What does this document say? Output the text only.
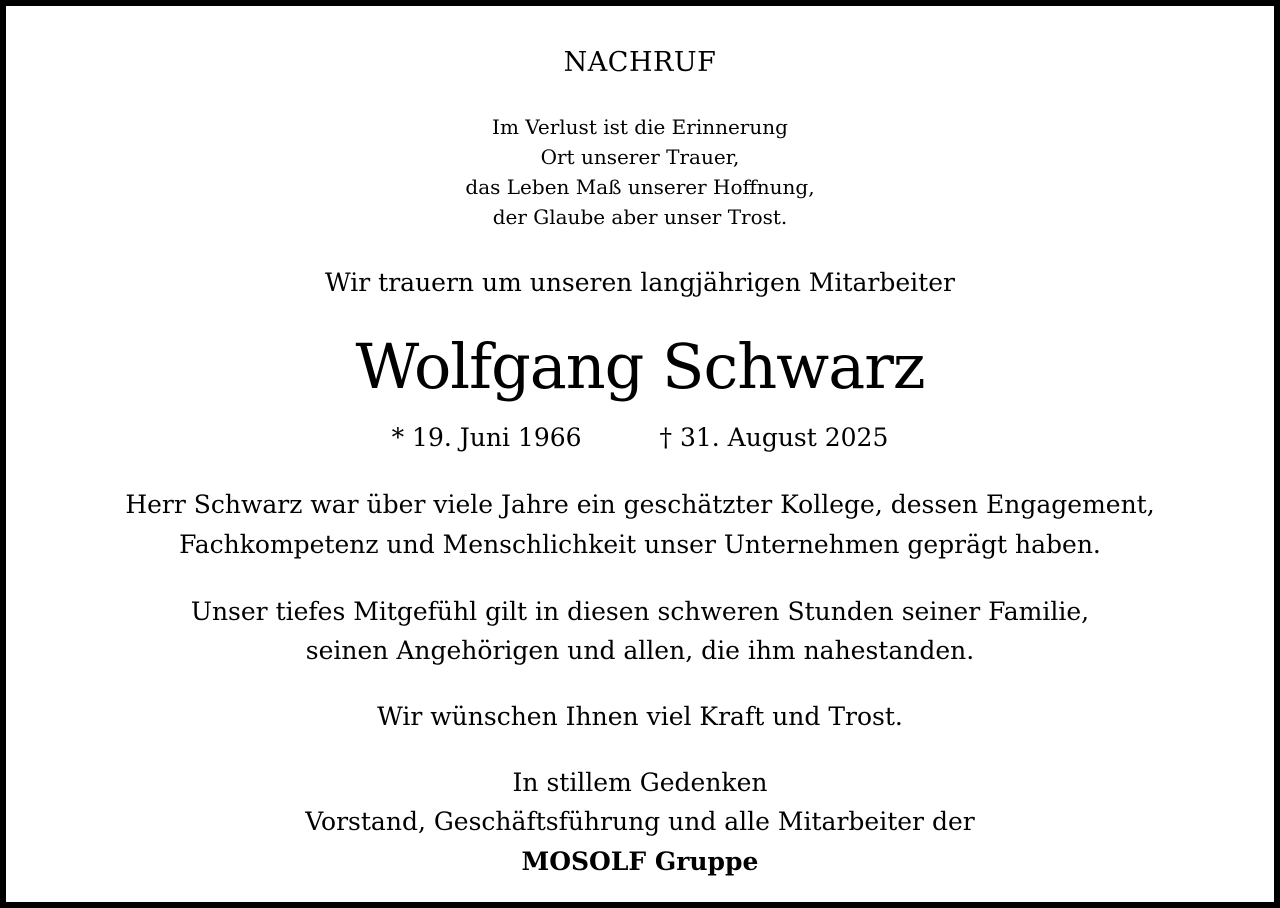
NACHRUF
Im Verlust ist die Erinnerung
Ort unserer Trauer,
das Leben Maß unserer Hoffnung,
der Glaube aber unser Trost.
Wir trauern um unseren langjährigen Mitarbeiter
Wolfgang Schwarz
* 19. Juni 1966	† 31. August 2025
Herr Schwarz war über viele Jahre ein geschätzter Kollege, dessen Engagement,
Fachkompetenz und Menschlichkeit unser Unternehmen geprägt haben.
Unser tiefes Mitgefühl gilt in diesen schweren Stunden seiner Familie,
seinen Angehörigen und allen, die ihm nahestanden.
Wir wünschen Ihnen viel Kraft und Trost.
In stillem Gedenken
Vorstand, Geschäftsführung und alle Mitarbeiter der
MOSOLF Gruppe
